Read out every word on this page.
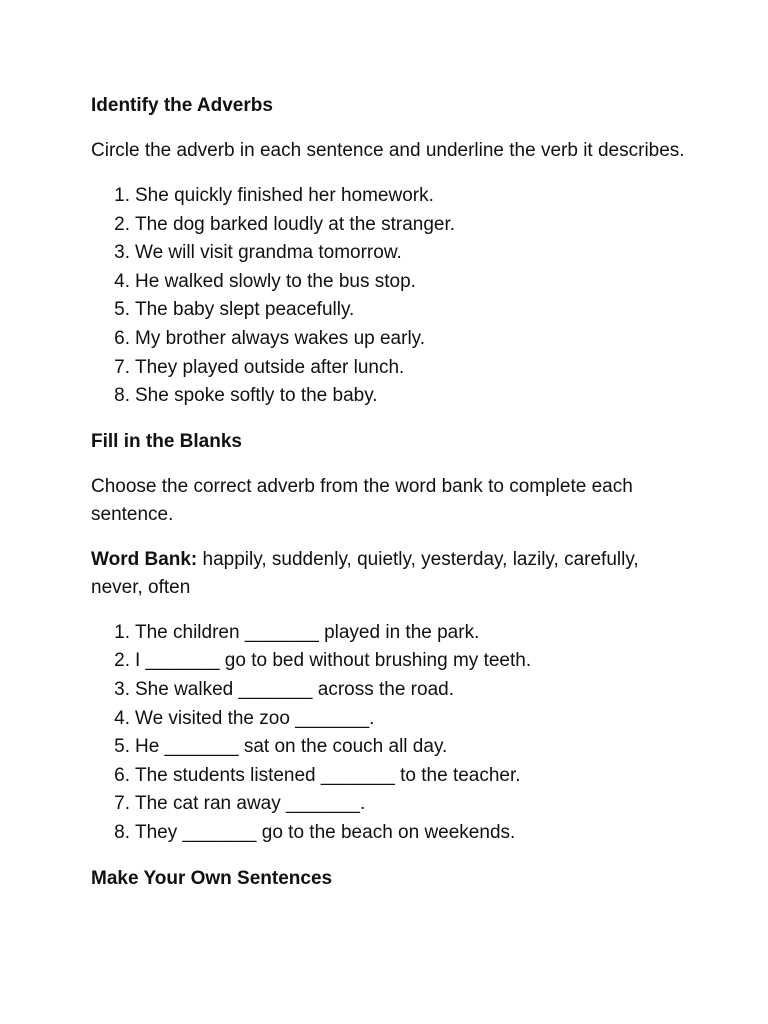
Identify the Adverbs
Circle the adverb in each sentence and underline the verb it describes.
1. She quickly finished her homework.
2. The dog barked loudly at the stranger.
3. We will visit grandma tomorrow.
4. He walked slowly to the bus stop.
5. The baby slept peacefully.
6. My brother always wakes up early.
7. They played outside after lunch.
8. She spoke softly to the baby.
Fill in the Blanks
Choose the correct adverb from the word bank to complete each sentence.
Word Bank: happily, suddenly, quietly, yesterday, lazily, carefully, never, often
1. The children _______ played in the park.
2. I _______ go to bed without brushing my teeth.
3. She walked _______ across the road.
4. We visited the zoo _______.
5. He _______ sat on the couch all day.
6. The students listened _______ to the teacher.
7. The cat ran away _______.
8. They _______ go to the beach on weekends.
Make Your Own Sentences
